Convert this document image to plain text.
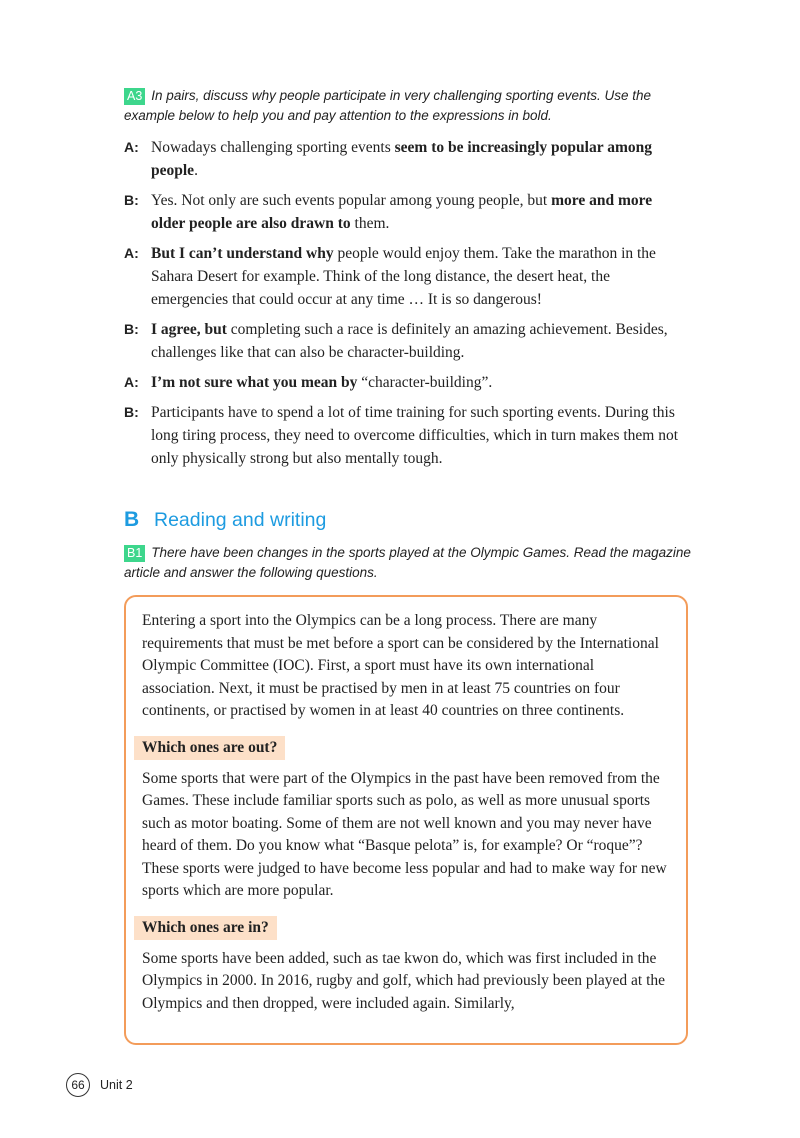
A3 In pairs, discuss why people participate in very challenging sporting events. Use the example below to help you and pay attention to the expressions in bold.

A: Nowadays challenging sporting events seem to be increasingly popular among people.
B: Yes. Not only are such events popular among young people, but more and more older people are also drawn to them.
A: But I can’t understand why people would enjoy them. Take the marathon in the Sahara Desert for example. Think of the long distance, the desert heat, the emergencies that could occur at any time … It is so dangerous!
B: I agree, but completing such a race is definitely an amazing achievement. Besides, challenges like that can also be character-building.
A: I’m not sure what you mean by “character-building”.
B: Participants have to spend a lot of time training for such sporting events. During this long tiring process, they need to overcome difficulties, which in turn makes them not only physically strong but also mentally tough.
B Reading and writing

B1 There have been changes in the sports played at the Olympic Games. Read the magazine article and answer the following questions.

Entering a sport into the Olympics can be a long process. There are many requirements that must be met before a sport can be considered by the International Olympic Committee (IOC). First, a sport must have its own international association. Next, it must be practised by men in at least 75 countries on four continents, or practised by women in at least 40 countries on three continents.

Which ones are out?

Some sports that were part of the Olympics in the past have been removed from the Games. These include familiar sports such as polo, as well as more unusual sports such as motor boating. Some of them are not well known and you may never have heard of them. Do you know what “Basque pelota” is, for example? Or “roque”? These sports were judged to have become less popular and had to make way for new sports which are more popular.

Which ones are in?

Some sports have been added, such as tae kwon do, which was first included in the Olympics in 2000. In 2016, rugby and golf, which had previously been played at the Olympics and then dropped, were included again. Similarly,

66	Unit 2
